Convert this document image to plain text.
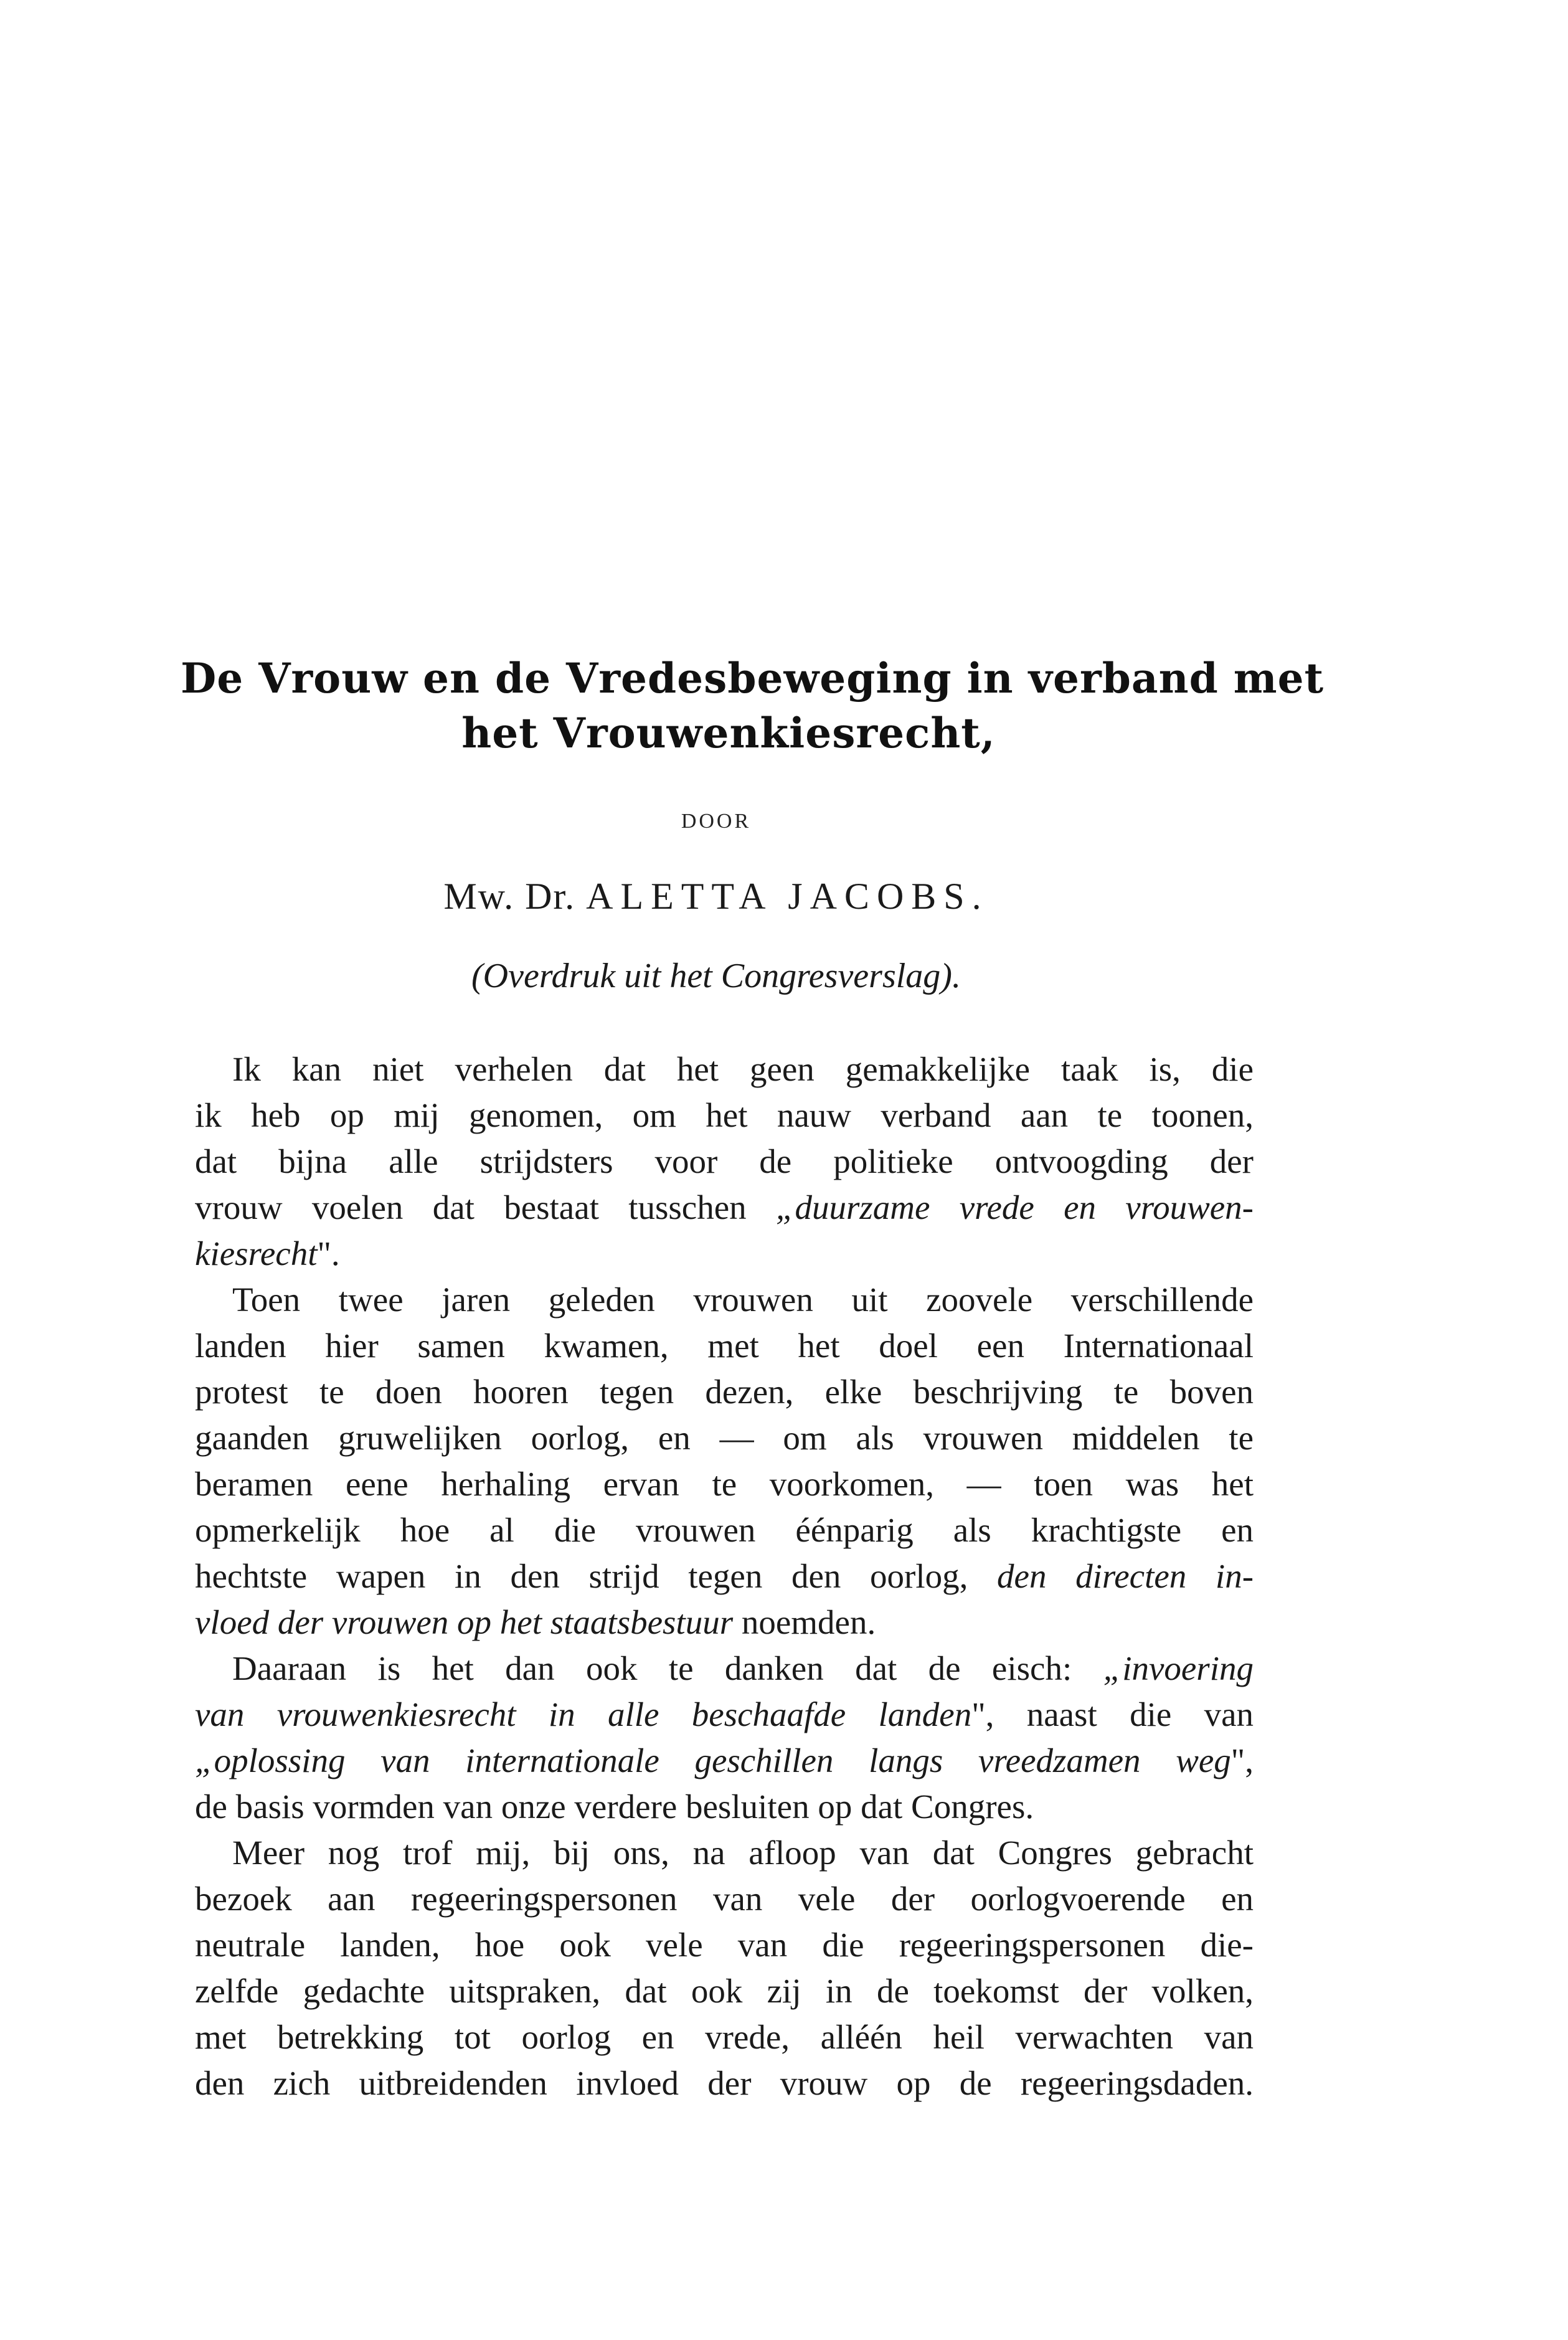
De Vrouw en de Vredesbeweging in verband met
het Vrouwenkiesrecht,
DOOR
Mw. Dr. ALETTA JACOBS.
(Overdruk uit het Congresverslag).
Ik kan niet verhelen dat het geen gemakkelijke taak is, die
ik heb op mij genomen, om het nauw verband aan te toonen,
dat bijna alle strijdsters voor de politieke ontvoogding der
vrouw voelen dat bestaat tusschen „duurzame vrede en vrouwen-
kiesrecht".
Toen twee jaren geleden vrouwen uit zoovele verschillende
landen hier samen kwamen, met het doel een Internationaal
protest te doen hooren tegen dezen, elke beschrijving te boven
gaanden gruwelijken oorlog, en — om als vrouwen middelen te
beramen eene herhaling ervan te voorkomen, — toen was het
opmerkelijk hoe al die vrouwen éénparig als krachtigste en
hechtste wapen in den strijd tegen den oorlog, den directen in-
vloed der vrouwen op het staatsbestuur noemden.
Daaraan is het dan ook te danken dat de eisch: „invoering
van vrouwenkiesrecht in alle beschaafde landen", naast die van
„oplossing van internationale geschillen langs vreedzamen weg",
de basis vormden van onze verdere besluiten op dat Congres.
Meer nog trof mij, bij ons, na afloop van dat Congres gebracht
bezoek aan regeeringspersonen van vele der oorlogvoerende en
neutrale landen, hoe ook vele van die regeeringspersonen die-
zelfde gedachte uitspraken, dat ook zij in de toekomst der volken,
met betrekking tot oorlog en vrede, alléén heil verwachten van
den zich uitbreidenden invloed der vrouw op de regeeringsdaden.
